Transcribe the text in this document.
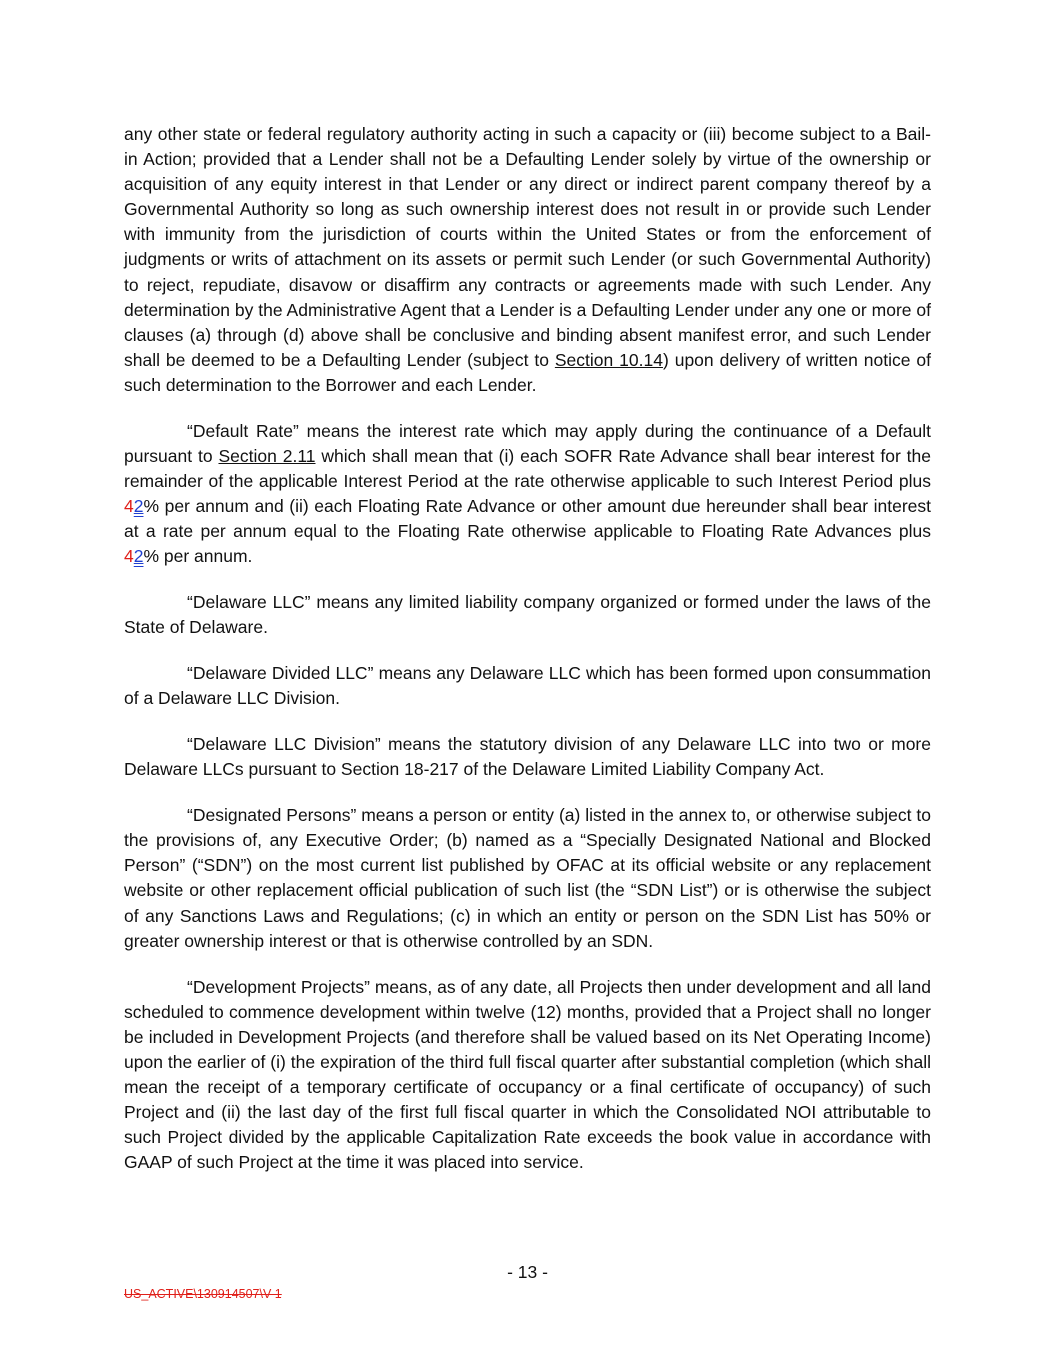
any other state or federal regulatory authority acting in such a capacity or (iii) become subject to a Bail-in Action; provided that a Lender shall not be a Defaulting Lender solely by virtue of the ownership or acquisition of any equity interest in that Lender or any direct or indirect parent company thereof by a Governmental Authority so long as such ownership interest does not result in or provide such Lender with immunity from the jurisdiction of courts within the United States or from the enforcement of judgments or writs of attachment on its assets or permit such Lender (or such Governmental Authority) to reject, repudiate, disavow or disaffirm any contracts or agreements made with such Lender. Any determination by the Administrative Agent that a Lender is a Defaulting Lender under any one or more of clauses (a) through (d) above shall be conclusive and binding absent manifest error, and such Lender shall be deemed to be a Defaulting Lender (subject to Section 10.14) upon delivery of written notice of such determination to the Borrower and each Lender.

“Default Rate” means the interest rate which may apply during the continuance of a Default pursuant to Section 2.11 which shall mean that (i) each SOFR Rate Advance shall bear interest for the remainder of the applicable Interest Period at the rate otherwise applicable to such Interest Period plus 42% per annum and (ii) each Floating Rate Advance or other amount due hereunder shall bear interest at a rate per annum equal to the Floating Rate otherwise applicable to Floating Rate Advances plus 42% per annum.

“Delaware LLC” means any limited liability company organized or formed under the laws of the State of Delaware.

“Delaware Divided LLC” means any Delaware LLC which has been formed upon consummation of a Delaware LLC Division.

“Delaware LLC Division” means the statutory division of any Delaware LLC into two or more Delaware LLCs pursuant to Section 18-217 of the Delaware Limited Liability Company Act.

“Designated Persons” means a person or entity (a) listed in the annex to, or otherwise subject to the provisions of, any Executive Order; (b) named as a “Specially Designated National and Blocked Person” (“SDN”) on the most current list published by OFAC at its official website or any replacement website or other replacement official publication of such list (the “SDN List”) or is otherwise the subject of any Sanctions Laws and Regulations; (c) in which an entity or person on the SDN List has 50% or greater ownership interest or that is otherwise controlled by an SDN.

“Development Projects” means, as of any date, all Projects then under development and all land scheduled to commence development within twelve (12) months, provided that a Project shall no longer be included in Development Projects (and therefore shall be valued based on its Net Operating Income) upon the earlier of (i) the expiration of the third full fiscal quarter after substantial completion (which shall mean the receipt of a temporary certificate of occupancy or a final certificate of occupancy) of such Project and (ii) the last day of the first full fiscal quarter in which the Consolidated NOI attributable to such Project divided by the applicable Capitalization Rate exceeds the book value in accordance with GAAP of such Project at the time it was placed into service.

- 13 -
US_ACTIVE\130914507\V-1
